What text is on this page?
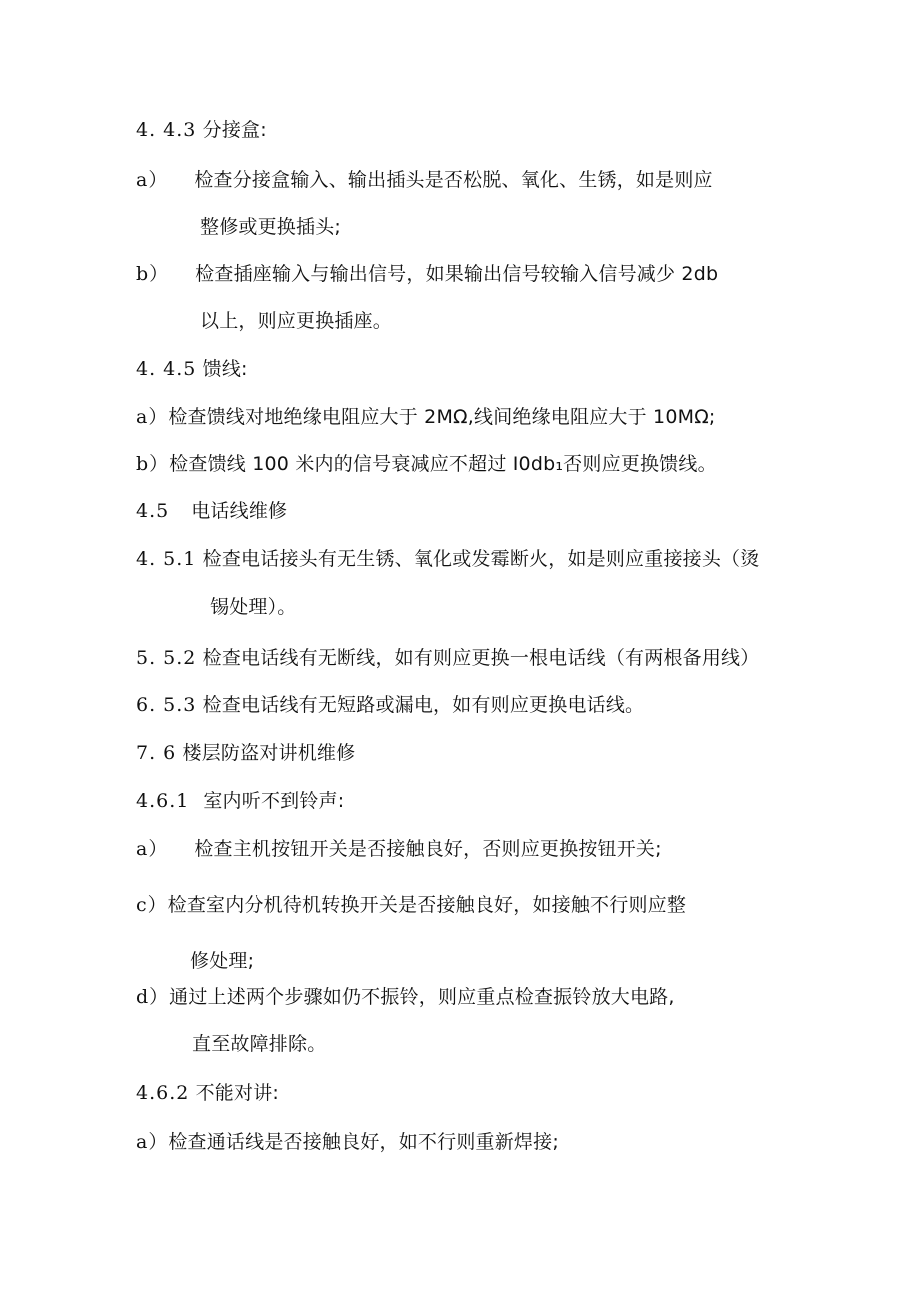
4. 4.3 分接盒:
a） 检查分接盒输入、输出插头是否松脱、氧化、生锈，如是则应
整修或更换插头;
b） 检查插座输入与输出信号，如果输出信号较输入信号减少 2db
以上，则应更换插座。
4. 4.5 馈线:
a）检查馈线对地绝缘电阻应大于 2MΩ,线间绝缘电阻应大于 10MΩ;
b）检查馈线 100 米内的信号衰减应不超过 I0db₁否则应更换馈线。
4.5 电话线维修
4. 5.1 检查电话接头有无生锈、氧化或发霉断火，如是则应重接接头（烫
锡处理）。
5. 5.2 检查电话线有无断线，如有则应更换一根电话线（有两根备用线）
6. 5.3 检查电话线有无短路或漏电，如有则应更换电话线。
7. 6 楼层防盗对讲机维修
4.6.1 室内听不到铃声:
a） 检查主机按钮开关是否接触良好，否则应更换按钮开关;
c）检查室内分机待机转换开关是否接触良好，如接触不行则应整
修处理;
d）通过上述两个步骤如仍不振铃，则应重点检查振铃放大电路,
直至故障排除。
4.6.2 不能对讲:
a）检查通话线是否接触良好，如不行则重新焊接;
